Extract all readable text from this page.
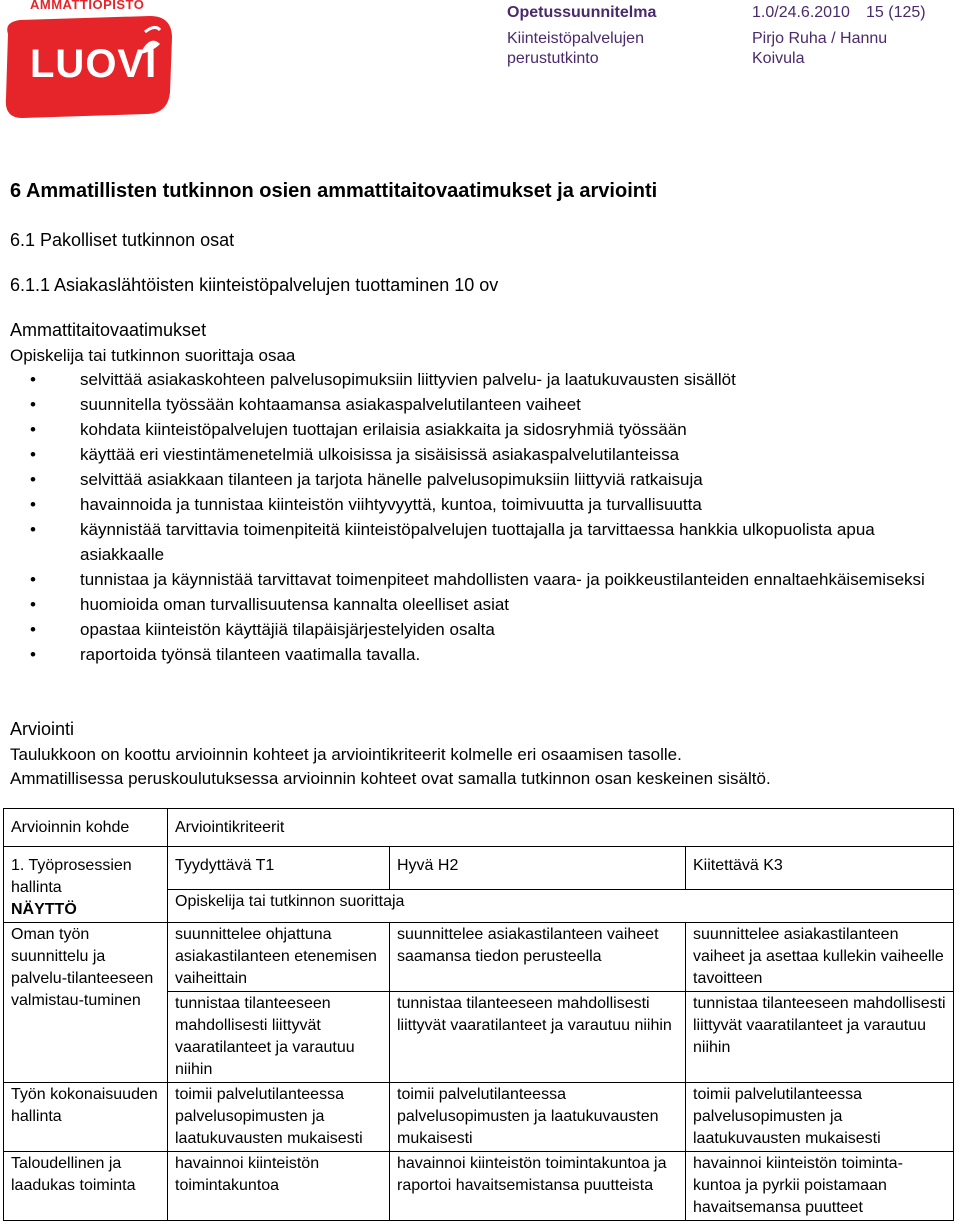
AMMATTIOPISTO
LUOVI
Opetussuunnitelma	1.0/24.6.2010 15 (125)
Kiinteistöpalvelujen
perustutkinto
Pirjo Ruha / Hannu
Koivula
6 Ammatillisten tutkinnon osien ammattitaitovaatimukset ja arviointi
6.1 Pakolliset tutkinnon osat
6.1.1 Asiakaslähtöisten kiinteistöpalvelujen tuottaminen 10 ov
Ammattitaitovaatimukset
Opiskelija tai tutkinnon suorittaja osaa
• selvittää asiakaskohteen palvelusopimuksiin liittyvien palvelu- ja laatukuvausten sisällöt
• suunnitella työssään kohtaamansa asiakaspalvelutilanteen vaiheet
• kohdata kiinteistöpalvelujen tuottajan erilaisia asiakkaita ja sidosryhmiä työssään
• käyttää eri viestintämenetelmiä ulkoisissa ja sisäisissä asiakaspalvelutilanteissa
• selvittää asiakkaan tilanteen ja tarjota hänelle palvelusopimuksiin liittyviä ratkaisuja
• havainnoida ja tunnistaa kiinteistön viihtyvyyttä, kuntoa, toimivuutta ja turvallisuutta
• käynnistää tarvittavia toimenpiteitä kiinteistöpalvelujen tuottajalla ja tarvittaessa hankkia ulkopuolista apua asiakkaalle
• tunnistaa ja käynnistää tarvittavat toimenpiteet mahdollisten vaara- ja poikkeustilanteiden ennaltaehkäisemiseksi
• huomioida oman turvallisuutensa kannalta oleelliset asiat
• opastaa kiinteistön käyttäjiä tilapäisjärjestelyiden osalta
• raportoida työnsä tilanteen vaatimalla tavalla.
Arviointi
Taulukkoon on koottu arvioinnin kohteet ja arviointikriteerit kolmelle eri osaamisen tasolle.
Ammatillisessa peruskoulutuksessa arvioinnin kohteet ovat samalla tutkinnon osan keskeinen sisältö.
Arvioinnin kohde	Arviointikriteerit		

1. Työprosessien hallinta
NÄYTTÖ	Tyydyttävä T1	Hyvä H2	Kiitettävä K3
	Opiskelija tai tutkinnon suorittaja		
Oman työn suunnittelu ja palvelu-tilanteeseen valmistau-tuminen	suunnittelee ohjattuna asiakastilanteen etenemisen vaiheittain	suunnittelee asiakastilanteen vaiheet saamansa tiedon perusteella	suunnittelee asiakastilanteen vaiheet ja asettaa kullekin vaiheelle tavoitteen
	tunnistaa tilanteeseen mahdollisesti liittyvät vaaratilanteet ja varautuu niihin	tunnistaa tilanteeseen mahdollisesti liittyvät vaaratilanteet ja varautuu niihin	tunnistaa tilanteeseen mahdollisesti liittyvät vaaratilanteet ja varautuu niihin
Työn kokonaisuuden hallinta	toimii palvelutilanteessa palvelusopimusten ja laatukuvausten mukaisesti	toimii palvelutilanteessa palvelusopimusten ja laatukuvausten mukaisesti	toimii palvelutilanteessa palvelusopimusten ja laatukuvausten mukaisesti
Taloudellinen ja laadukas toiminta	havainnoi kiinteistön toimintakuntoa	havainnoi kiinteistön toimintakuntoa ja raportoi havaitsemistansa puutteista	havainnoi kiinteistön toiminta-kuntoa ja pyrkii poistamaan havaitsemansa puutteet
